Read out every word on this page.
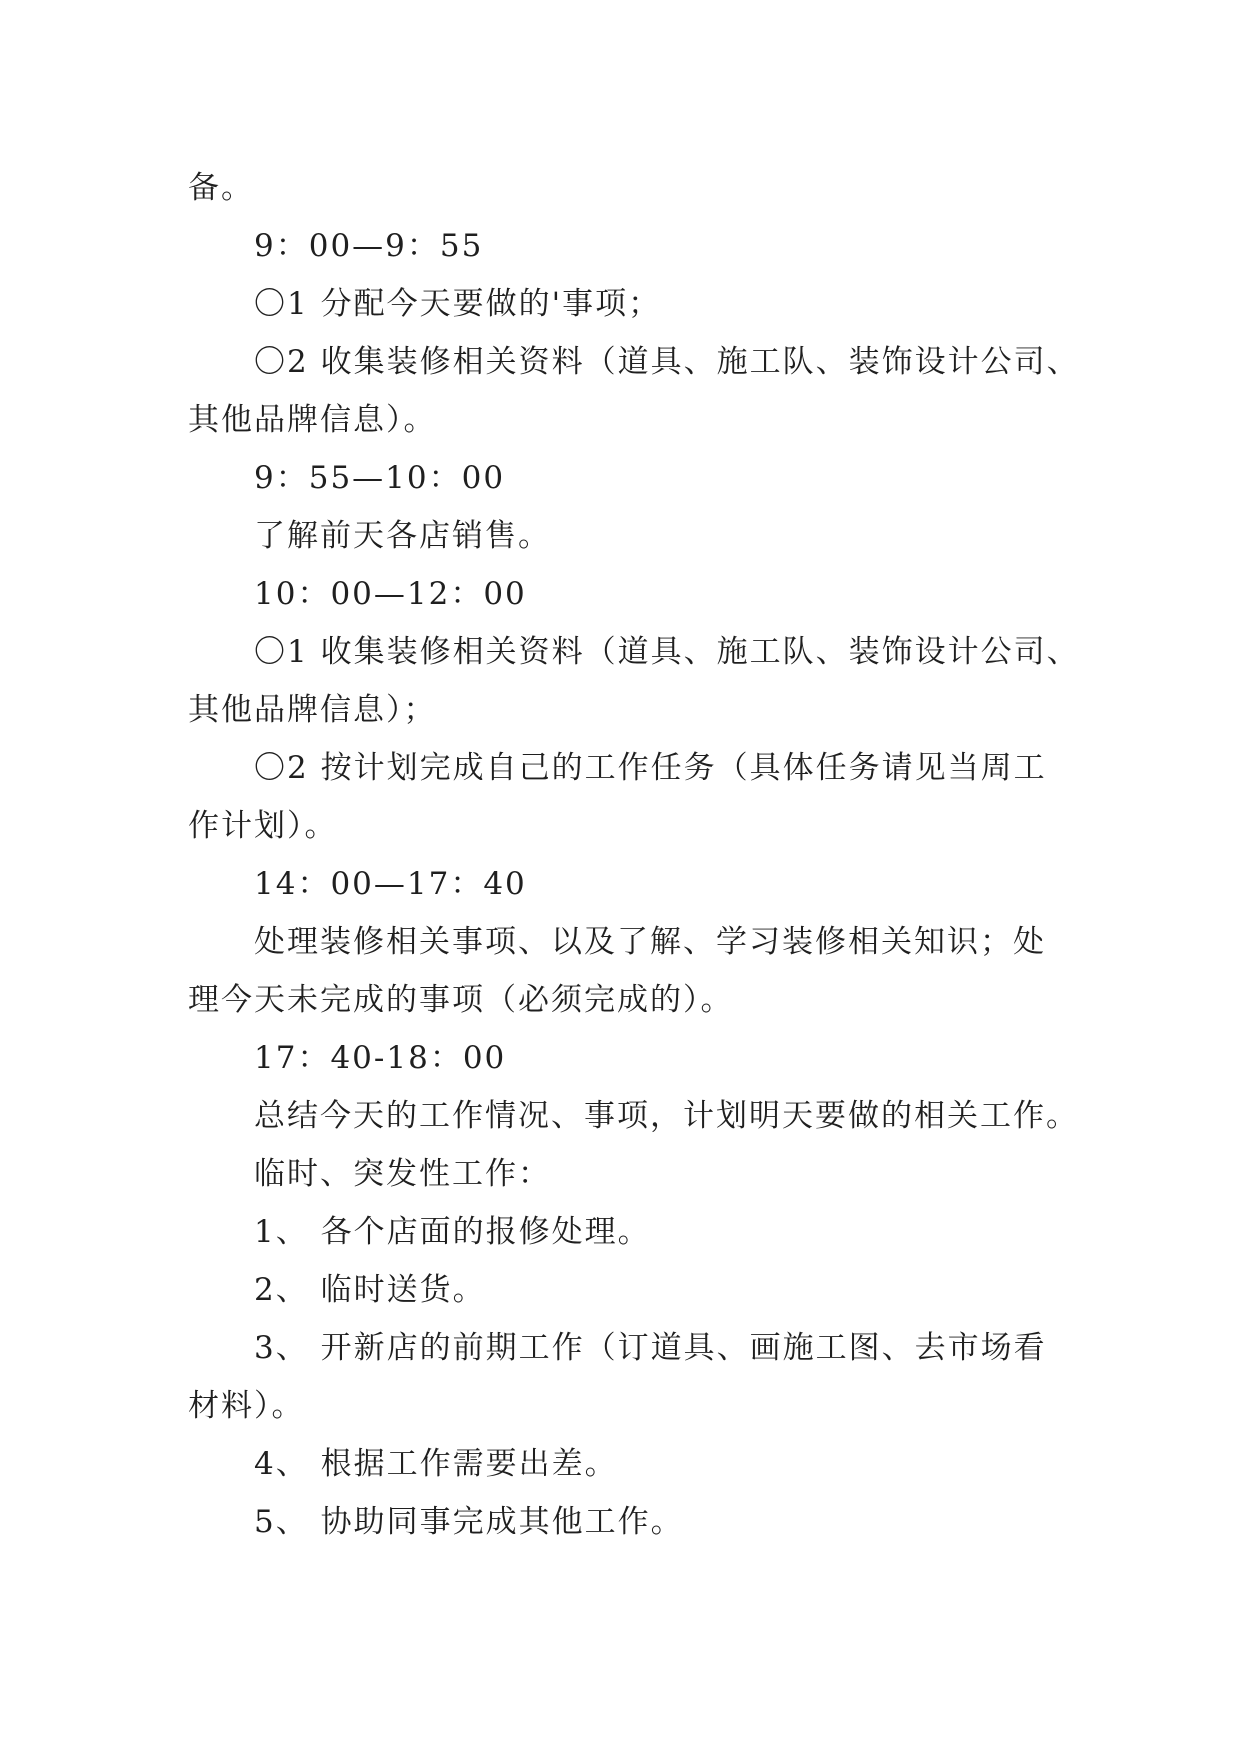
备。
9：00—9：55
〇1 分配今天要做的'事项；
〇2 收集装修相关资料（道具、施工队、装饰设计公司、
其他品牌信息）。
9：55—10：00
了解前天各店销售。
10：00—12：00
〇1 收集装修相关资料（道具、施工队、装饰设计公司、
其他品牌信息）；
〇2 按计划完成自己的工作任务（具体任务请见当周工
作计划）。
14：00—17：40
处理装修相关事项、以及了解、学习装修相关知识；处
理今天未完成的事项（必须完成的）。
17：40-18：00
总结今天的工作情况、事项，计划明天要做的相关工作。
临时、突发性工作：
1、 各个店面的报修处理。
2、 临时送货。
3、 开新店的前期工作（订道具、画施工图、去市场看
材料）。
4、 根据工作需要出差。
5、 协助同事完成其他工作。
